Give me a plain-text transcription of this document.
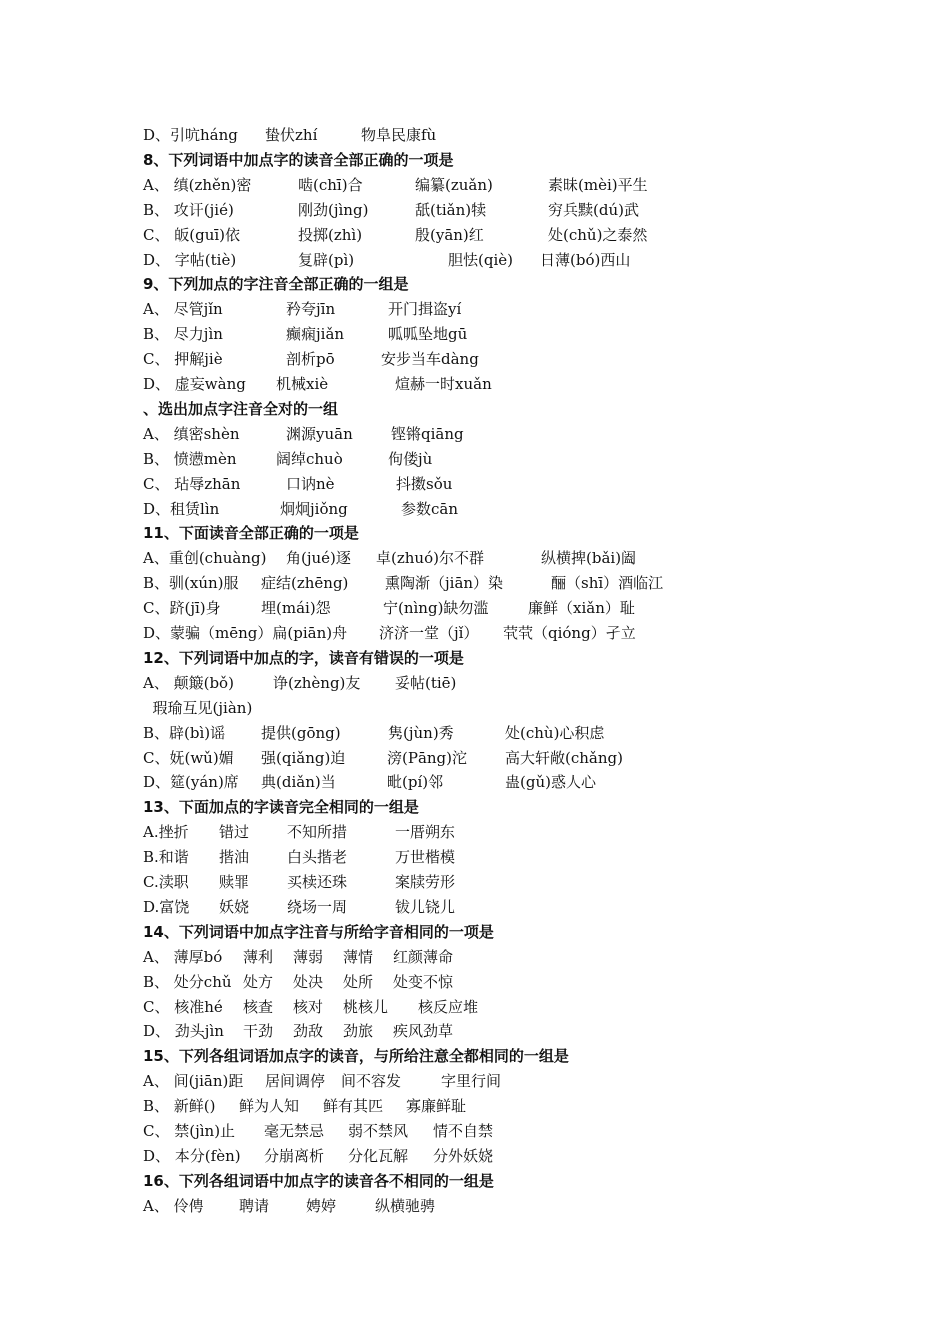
D、引吭háng 蛰伏zhí	物阜民康fù
8、下列词语中加点字的读音全部正确的一项是
A、 缜(zhěn)密	啮(chī)合	编纂(zuǎn)	素昧(mèi)平生
B、 攻讦(jié)	刚劲(jìng)	舐(tiǎn)犊	穷兵黩(dú)武
C、 皈(guī)依	投掷(zhì)	殷(yān)红	处(chǔ)之泰然
D、 字帖(tiè)	复辟(pì)	胆怯(qiè) 日薄(bó)西山
9、下列加点的字注音全部正确的一组是
A、 尽管jǐn	矜夸jīn	开门揖盗yí
B、 尽力jìn	癫痫jiǎn	呱呱坠地gū
C、 押解jiè	剖析pō	安步当车dàng
D、 虚妄wàng 机械xiè	煊赫一时xuǎn
、选出加点字注音全对的一组
A、 缜密shèn	渊源yuān	铿锵qiāng
B、 愤懑mèn	阔绰chuò	佝偻jù
C、 玷辱zhān	口讷nè	抖擞sǒu
D、租赁lìn	炯炯jiǒng	参数cān
11、下面读音全部正确的一项是
A、重创(chuàng) 角(jué)逐 卓(zhuó)尔不群	纵横捭(bǎi)阖
B、驯(xún)服 症结(zhēng) 熏陶渐（jiān）染	酾（shī）酒临江
C、跻(jī)身	埋(mái)怨	宁(nìng)缺勿滥	廉鲜（xiǎn）耻
D、蒙骗（mēng）扁(piān)舟 济济一堂（jǐ） 茕茕（qióng）孑立
12、下列词语中加点的字，读音有错误的一项是
A、 颠簸(bǒ)	诤(zhèng)友 妥帖(tiē)
瑕瑜互见(jiàn)
B、辟(bì)谣 提供(gōng)	隽(jùn)秀	处(chù)心积虑
C、妩(wǔ)媚 强(qiǎng)迫	滂(Pāng)沱	高大轩敞(chǎng)
D、筵(yán)席 典(diǎn)当	毗(pí)邻	蛊(gǔ)惑人心
13、下面加点的字读音完全相同的一组是
A.挫折 错过	不知所措	一厝朔东
B.和谐 揩油	白头揩老	万世楷模
C.渎职 赎罪	买椟还珠	案牍劳形
D.富饶 妖娆	绕场一周	钹儿铙儿
14、下列词语中加点字注音与所给字音相同的一项是
A、 薄厚bó 薄利 薄弱 薄情 红颜薄命
B、 处分chǔ 处方 处决 处所 处变不惊
C、 核准hé 核查 核对 桃核儿 核反应堆
D、 劲头jìn 干劲 劲敌 劲旅 疾风劲草
15、下列各组词语加点字的读音，与所给注意全都相同的一组是
A、 间(jiān)距 居间调停 间不容发	字里行间
B、 新鲜() 鲜为人知 鲜有其匹 寡廉鲜耻
C、 禁(jìn)止 毫无禁忌 弱不禁风 情不自禁
D、 本分(fèn) 分崩离析 分化瓦解 分外妖娆
16、下列各组词语中加点字的读音各不相同的一组是
A、 伶俜 聘请 娉婷	纵横驰骋
